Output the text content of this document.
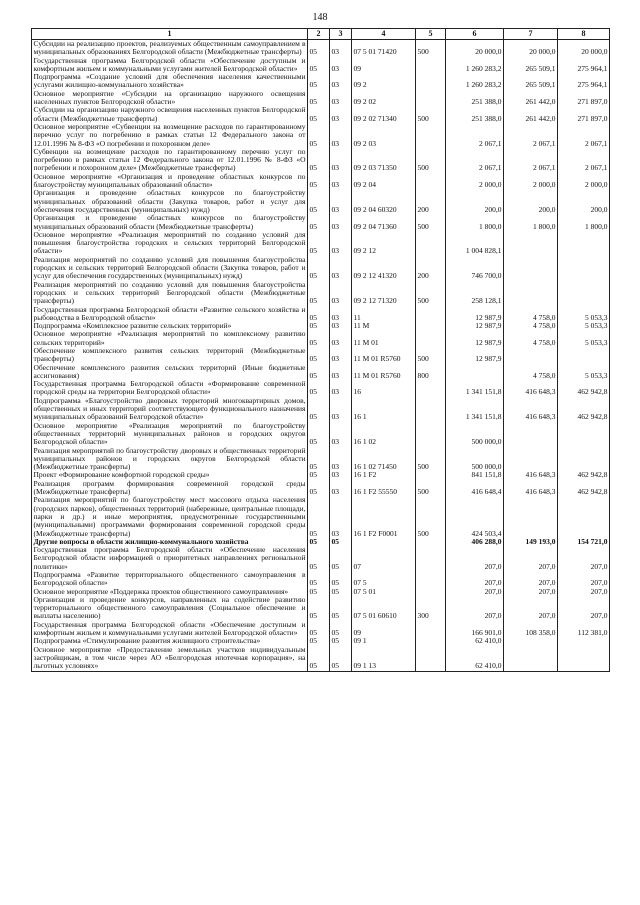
148
1	2	3	4	5	6	7	8
Субсидии на реализацию проектов, реализуемых общественным самоуправлением в муниципальных образованиях Белгородской области (Межбюджетные трансферты)	05	03	07 5 01 71420	500	20 000,0	20 000,0	20 000,0
Государственная программа Белгородской области «Обеспечение доступным и комфортным жильем и коммунальными услугами жителей Белгородской области»	05	03	09		1 260 283,2	265 509,1	275 964,1
Подпрограмма «Создание условий для обеспечения населения качественными услугами жилищно-коммунального хозяйства»	05	03	09 2		1 260 283,2	265 509,1	275 964,1
Основное мероприятие «Субсидии на организацию наружного освещения населенных пунктов Белгородской области»	05	03	09 2 02		251 388,0	261 442,0	271 897,0
Субсидии на организацию наружного освещения населенных пунктов Белгородской области (Межбюджетные трансферты)	05	03	09 2 02 71340	500	251 388,0	261 442,0	271 897,0
Основное мероприятие «Субвенции на возмещение расходов по гарантированному перечню услуг по погребению в рамках статьи 12 Федерального закона от 12.01.1996 № 8-ФЗ «О погребении и похоронном деле»	05	03	09 2 03		2 067,1	2 067,1	2 067,1
Субвенции на возмещение расходов по гарантированному перечню услуг по погребению в рамках статьи 12 Федерального закона от 12.01.1996 № 8-ФЗ «О погребении и похоронном деле» (Межбюджетные трансферты)	05	03	09 2 03 71350	500	2 067,1	2 067,1	2 067,1
Основное мероприятие «Организация и проведение областных конкурсов по благоустройству муниципальных образований области»	05	03	09 2 04		2 000,0	2 000,0	2 000,0
Организация и проведение областных конкурсов по благоустройству муниципальных образований области (Закупка товаров, работ и услуг для обеспечения государственных (муниципальных) нужд)	05	03	09 2 04 60320	200	200,0	200,0	200,0
Организация и проведение областных конкурсов по благоустройству муниципальных образований области (Межбюджетные трансферты)	05	03	09 2 04 71360	500	1 800,0	1 800,0	1 800,0
Основное мероприятие «Реализация мероприятий по созданию условий для повышения благоустройства городских и сельских территорий Белгородской области»	05	03	09 2 12		1 004 828,1		
Реализация мероприятий по созданию условий для повышения благоустройства городских и сельских территорий Белгородской области (Закупка товаров, работ и услуг для обеспечения государственных (муниципальных) нужд)	05	03	09 2 12 41320	200	746 700,0		
Реализация мероприятий по созданию условий для повышения благоустройства городских и сельских территорий Белгородской области (Межбюджетные трансферты)	05	03	09 2 12 71320	500	258 128,1		
Государственная программа Белгородской области «Развитие сельского хозяйства и рыбоводства в Белгородской области»	05	03	11		12 987,9	4 758,0	5 053,3
Подпрограмма «Комплексное развитие сельских территорий»	05	03	11 М		12 987,9	4 758,0	5 053,3
Основное мероприятие «Реализация мероприятий по комплексному развитию сельских территорий»	05	03	11 М 01		12 987,9	4 758,0	5 053,3
Обеспечение комплексного развития сельских территорий (Межбюджетные трансферты)	05	03	11 М 01 R5760	500	12 987,9		
Обеспечение комплексного развития сельских территорий (Иные бюджетные ассигнования)	05	03	11 М 01 R5760	800		4 758,0	5 053,3
Государственная программа Белгородской области «Формирование современной городской среды на территории Белгородской области»	05	03	16		1 341 151,8	416 648,3	462 942,8
Подпрограмма «Благоустройство дворовых территорий многоквартирных домов, общественных и иных территорий соответствующего функционального назначения муниципальных образований Белгородской области»	05	03	16 1		1 341 151,8	416 648,3	462 942,8
Основное мероприятие «Реализация мероприятий по благоустройству общественных территорий муниципальных районов и городских округов Белгородской области»	05	03	16 1 02		500 000,0		
Реализация мероприятий по благоустройству дворовых и общественных территорий муниципальных районов и городских округов Белгородской области (Межбюджетные трансферты)	05	03	16 1 02 71450	500	500 000,0		
Проект «Формирование комфортной городской среды»	05	03	16 1 F2		841 151,8	416 648,3	462 942,8
Реализация программ формирования современной городской среды (Межбюджетные трансферты)	05	03	16 1 F2 55550	500	416 648,4	416 648,3	462 942,8
Реализация мероприятий по благоустройству мест массового отдыха населения (городских парков), общественных территорий (набережные, центральные площади, парки и др.) и иные мероприятия, предусмотренные государственными (муниципальными) программами формирования современной городской среды (Межбюджетные трансферты)	05	03	16 1 F2 F0001	500	424 503,4		
Другие вопросы в области жилищно-коммунального хозяйства	05	05			406 288,0	149 193,0	154 721,0
Государственная программа Белгородской области «Обеспечение населения Белгородской области информацией о приоритетных направлениях региональной политики»	05	05	07		207,0	207,0	207,0
Подпрограмма «Развитие территориального общественного самоуправления в Белгородской области»	05	05	07 5		207,0	207,0	207,0
Основное мероприятие «Поддержка проектов общественного самоуправления»	05	05	07 5 01		207,0	207,0	207,0
Организация и проведение конкурсов, направленных на содействие развитию территориального общественного самоуправления (Социальное обеспечение и выплаты населению)	05	05	07 5 01 60610	300	207,0	207,0	207,0
Государственная программа Белгородской области «Обеспечение доступным и комфортным жильем и коммунальными услугами жителей Белгородской области»	05	05	09		166 901,0	108 358,0	112 381,0
Подпрограмма «Стимулирование развития жилищного строительства»	05	05	09 1		62 410,0		
Основное мероприятие «Предоставление земельных участков индивидуальным застройщикам, в том числе через АО «Белгородская ипотечная корпорация», на льготных условиях»	05	05	09 1 13		62 410,0		
